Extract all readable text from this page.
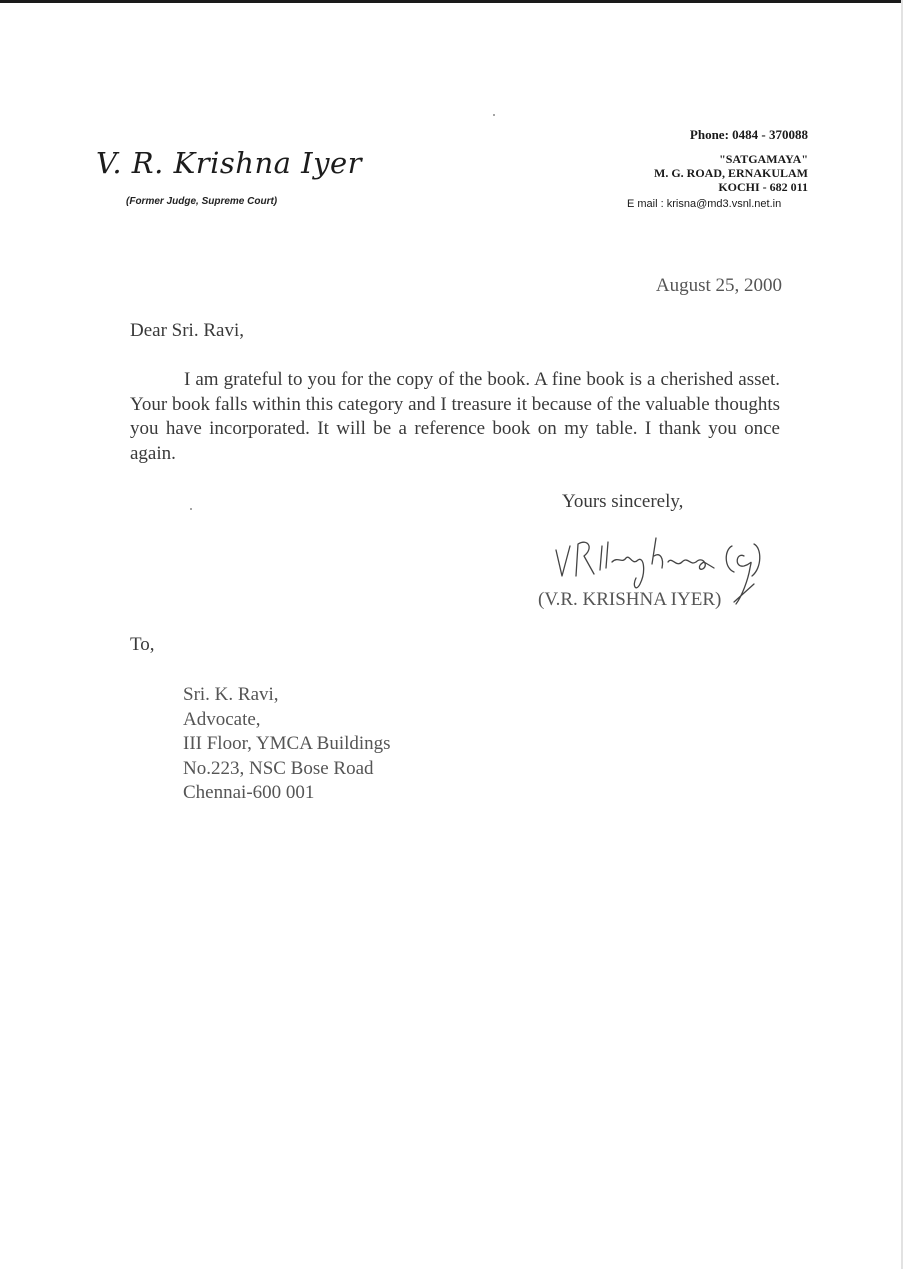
V. R. Krishna Iyer
(Former Judge, Supreme Court)
Phone: 0484 - 370088
"SATGAMAYA"
M. G. ROAD, ERNAKULAM
KOCHI - 682 011
E mail : krisna@md3.vsnl.net.in
August 25, 2000
Dear Sri. Ravi,
I am grateful to you for the copy of the book. A fine book is a cherished asset. Your book falls within this category and I treasure it because of the valuable thoughts you have incorporated. It will be a reference book on my table. I thank you once again.
Yours sincerely,
(V.R. KRISHNA IYER)
To,
Sri. K. Ravi,
Advocate,
III Floor, YMCA Buildings
No.223, NSC Bose Road
Chennai-600 001
